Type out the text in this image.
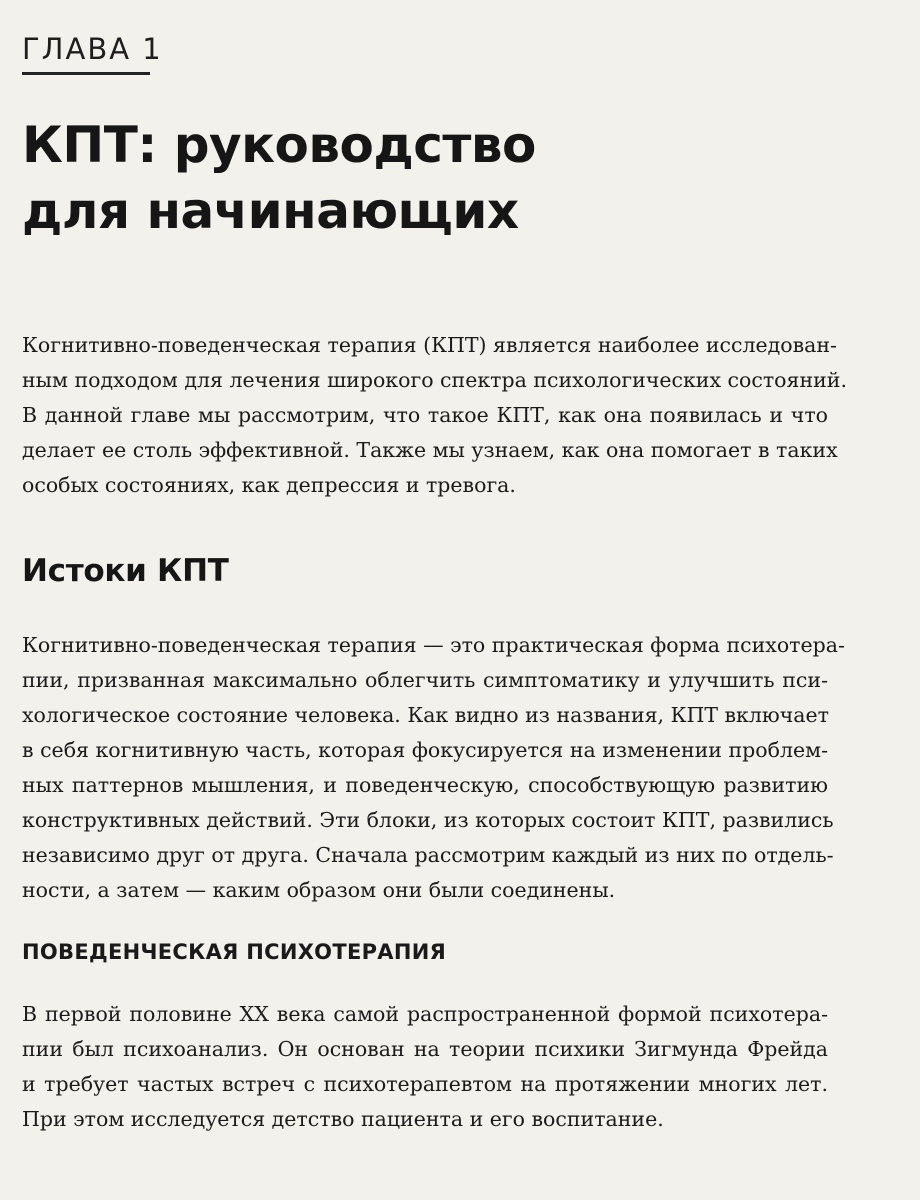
ГЛАВА 1
КПТ: руководство
для начинающих
Когнитивно-поведенческая терапия (КПТ) является наиболее исследован-
ным подходом для лечения широкого спектра психологических состояний.
В данной главе мы рассмотрим, что такое КПТ, как она появилась и что
делает ее столь эффективной. Также мы узнаем, как она помогает в таких
особых состояниях, как депрессия и тревога.
Истоки КПТ
Когнитивно-поведенческая терапия — это практическая форма психотера-
пии, призванная максимально облегчить симптоматику и улучшить пси-
хологическое состояние человека. Как видно из названия, КПТ включает
в себя когнитивную часть, которая фокусируется на изменении проблем-
ных паттернов мышления, и поведенческую, способствующую развитию
конструктивных действий. Эти блоки, из которых состоит КПТ, развились
независимо друг от друга. Сначала рассмотрим каждый из них по отдель-
ности, а затем — каким образом они были соединены.
ПОВЕДЕНЧЕСКАЯ ПСИХОТЕРАПИЯ
В первой половине XX века самой распространенной формой психотера-
пии был психоанализ. Он основан на теории психики Зигмунда Фрейда
и требует частых встреч с психотерапевтом на протяжении многих лет.
При этом исследуется детство пациента и его воспитание.
